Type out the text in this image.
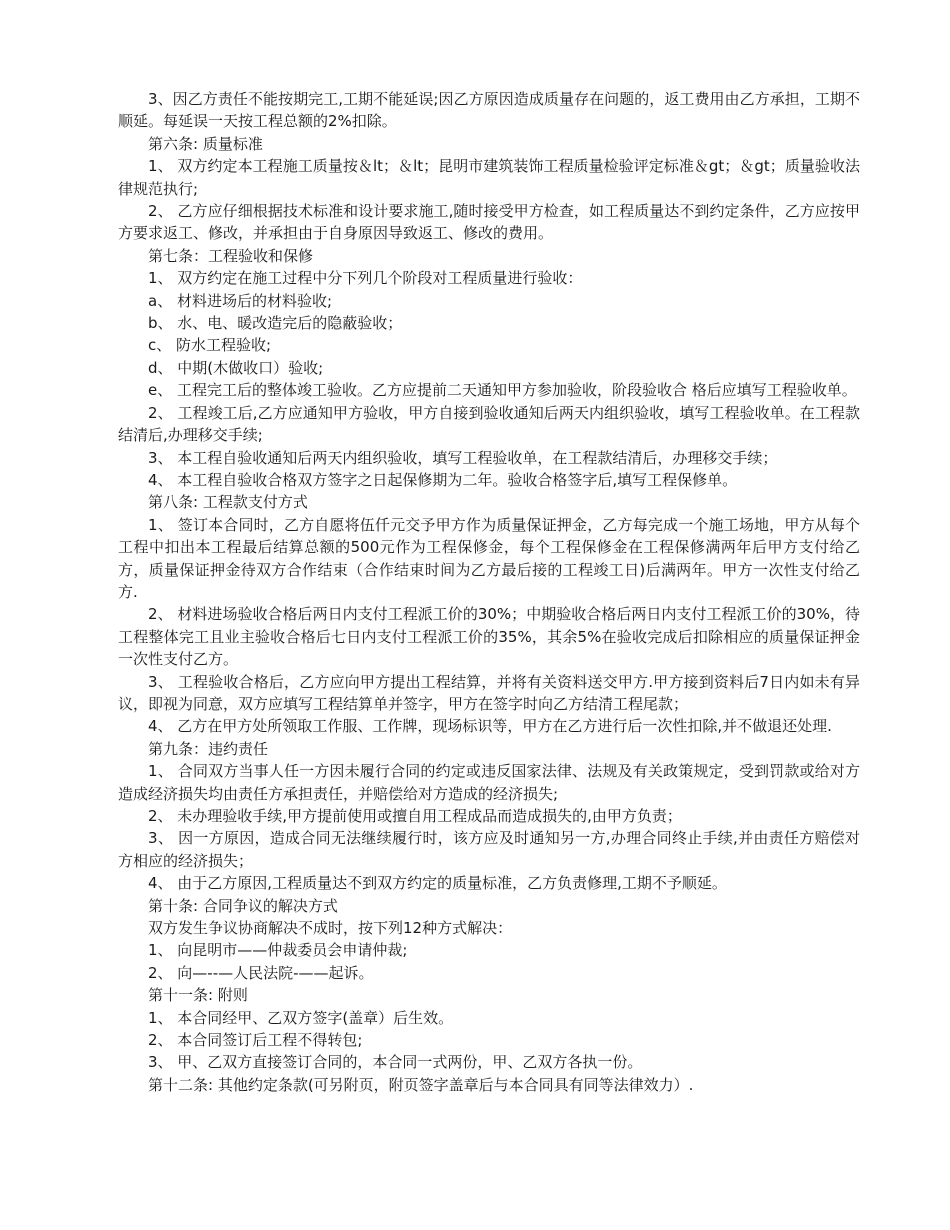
3、因乙方责任不能按期完工,工期不能延误;因乙方原因造成质量存在问题的，返工费用由乙方承担，工期不顺延。每延误一天按工程总额的2%扣除。

第六条: 质量标准

1、 双方约定本工程施工质量按＆lt；＆lt；昆明市建筑装饰工程质量检验评定标准＆gt；＆gt；质量验收法律规范执行;

2、 乙方应仔细根据技术标准和设计要求施工,随时接受甲方检查，如工程质量达不到约定条件，乙方应按甲方要求返工、修改，并承担由于自身原因导致返工、修改的费用。

第七条：工程验收和保修

1、 双方约定在施工过程中分下列几个阶段对工程质量进行验收：

a、 材料进场后的材料验收;

b、 水、电、暖改造完后的隐蔽验收；

c、 防水工程验收;

d、 中期(木做收口）验收;

e、 工程完工后的整体竣工验收。乙方应提前二天通知甲方参加验收，阶段验收合 格后应填写工程验收单。

2、 工程竣工后,乙方应通知甲方验收，甲方自接到验收通知后两天内组织验收，填写工程验收单。在工程款结清后,办理移交手续;

3、 本工程自验收通知后两天内组织验收，填写工程验收单，在工程款结清后，办理移交手续；

4、 本工程自验收合格双方签字之日起保修期为二年。验收合格签字后,填写工程保修单。

第八条: 工程款支付方式

1、 签订本合同时，乙方自愿将伍仟元交予甲方作为质量保证押金，乙方每完成一个施工场地，甲方从每个工程中扣出本工程最后结算总额的500元作为工程保修金，每个工程保修金在工程保修满两年后甲方支付给乙方，质量保证押金待双方合作结束（合作结束时间为乙方最后接的工程竣工日)后满两年。甲方一次性支付给乙方.

2、 材料进场验收合格后两日内支付工程派工价的30%；中期验收合格后两日内支付工程派工价的30%，待工程整体完工且业主验收合格后七日内支付工程派工价的35%，其余5%在验收完成后扣除相应的质量保证押金一次性支付乙方。

3、 工程验收合格后，乙方应向甲方提出工程结算，并将有关资料送交甲方.甲方接到资料后7日内如未有异议，即视为同意，双方应填写工程结算单并签字，甲方在签字时向乙方结清工程尾款；

4、 乙方在甲方处所领取工作服、工作牌，现场标识等，甲方在乙方进行后一次性扣除,并不做退还处理.

第九条：违约责任

1、 合同双方当事人任一方因未履行合同的约定或违反国家法律、法规及有关政策规定，受到罚款或给对方造成经济损失均由责任方承担责任，并赔偿给对方造成的经济损失;

2、 未办理验收手续,甲方提前使用或擅自用工程成品而造成损失的,由甲方负责；

3、 因一方原因，造成合同无法继续履行时，该方应及时通知另一方,办理合同终止手续,并由责任方赔偿对方相应的经济损失；

4、 由于乙方原因,工程质量达不到双方约定的质量标准，乙方负责修理,工期不予顺延。

第十条: 合同争议的解决方式

双方发生争议协商解决不成时，按下列12种方式解决：

1、 向昆明市——仲裁委员会申请仲裁;

2、 向—--—人民法院-——起诉。

第十一条: 附则

1、 本合同经甲、乙双方签字(盖章）后生效。

2、 本合同签订后工程不得转包;

3、 甲、乙双方直接签订合同的，本合同一式两份，甲、乙双方各执一份。

第十二条: 其他约定条款(可另附页，附页签字盖章后与本合同具有同等法律效力）.
